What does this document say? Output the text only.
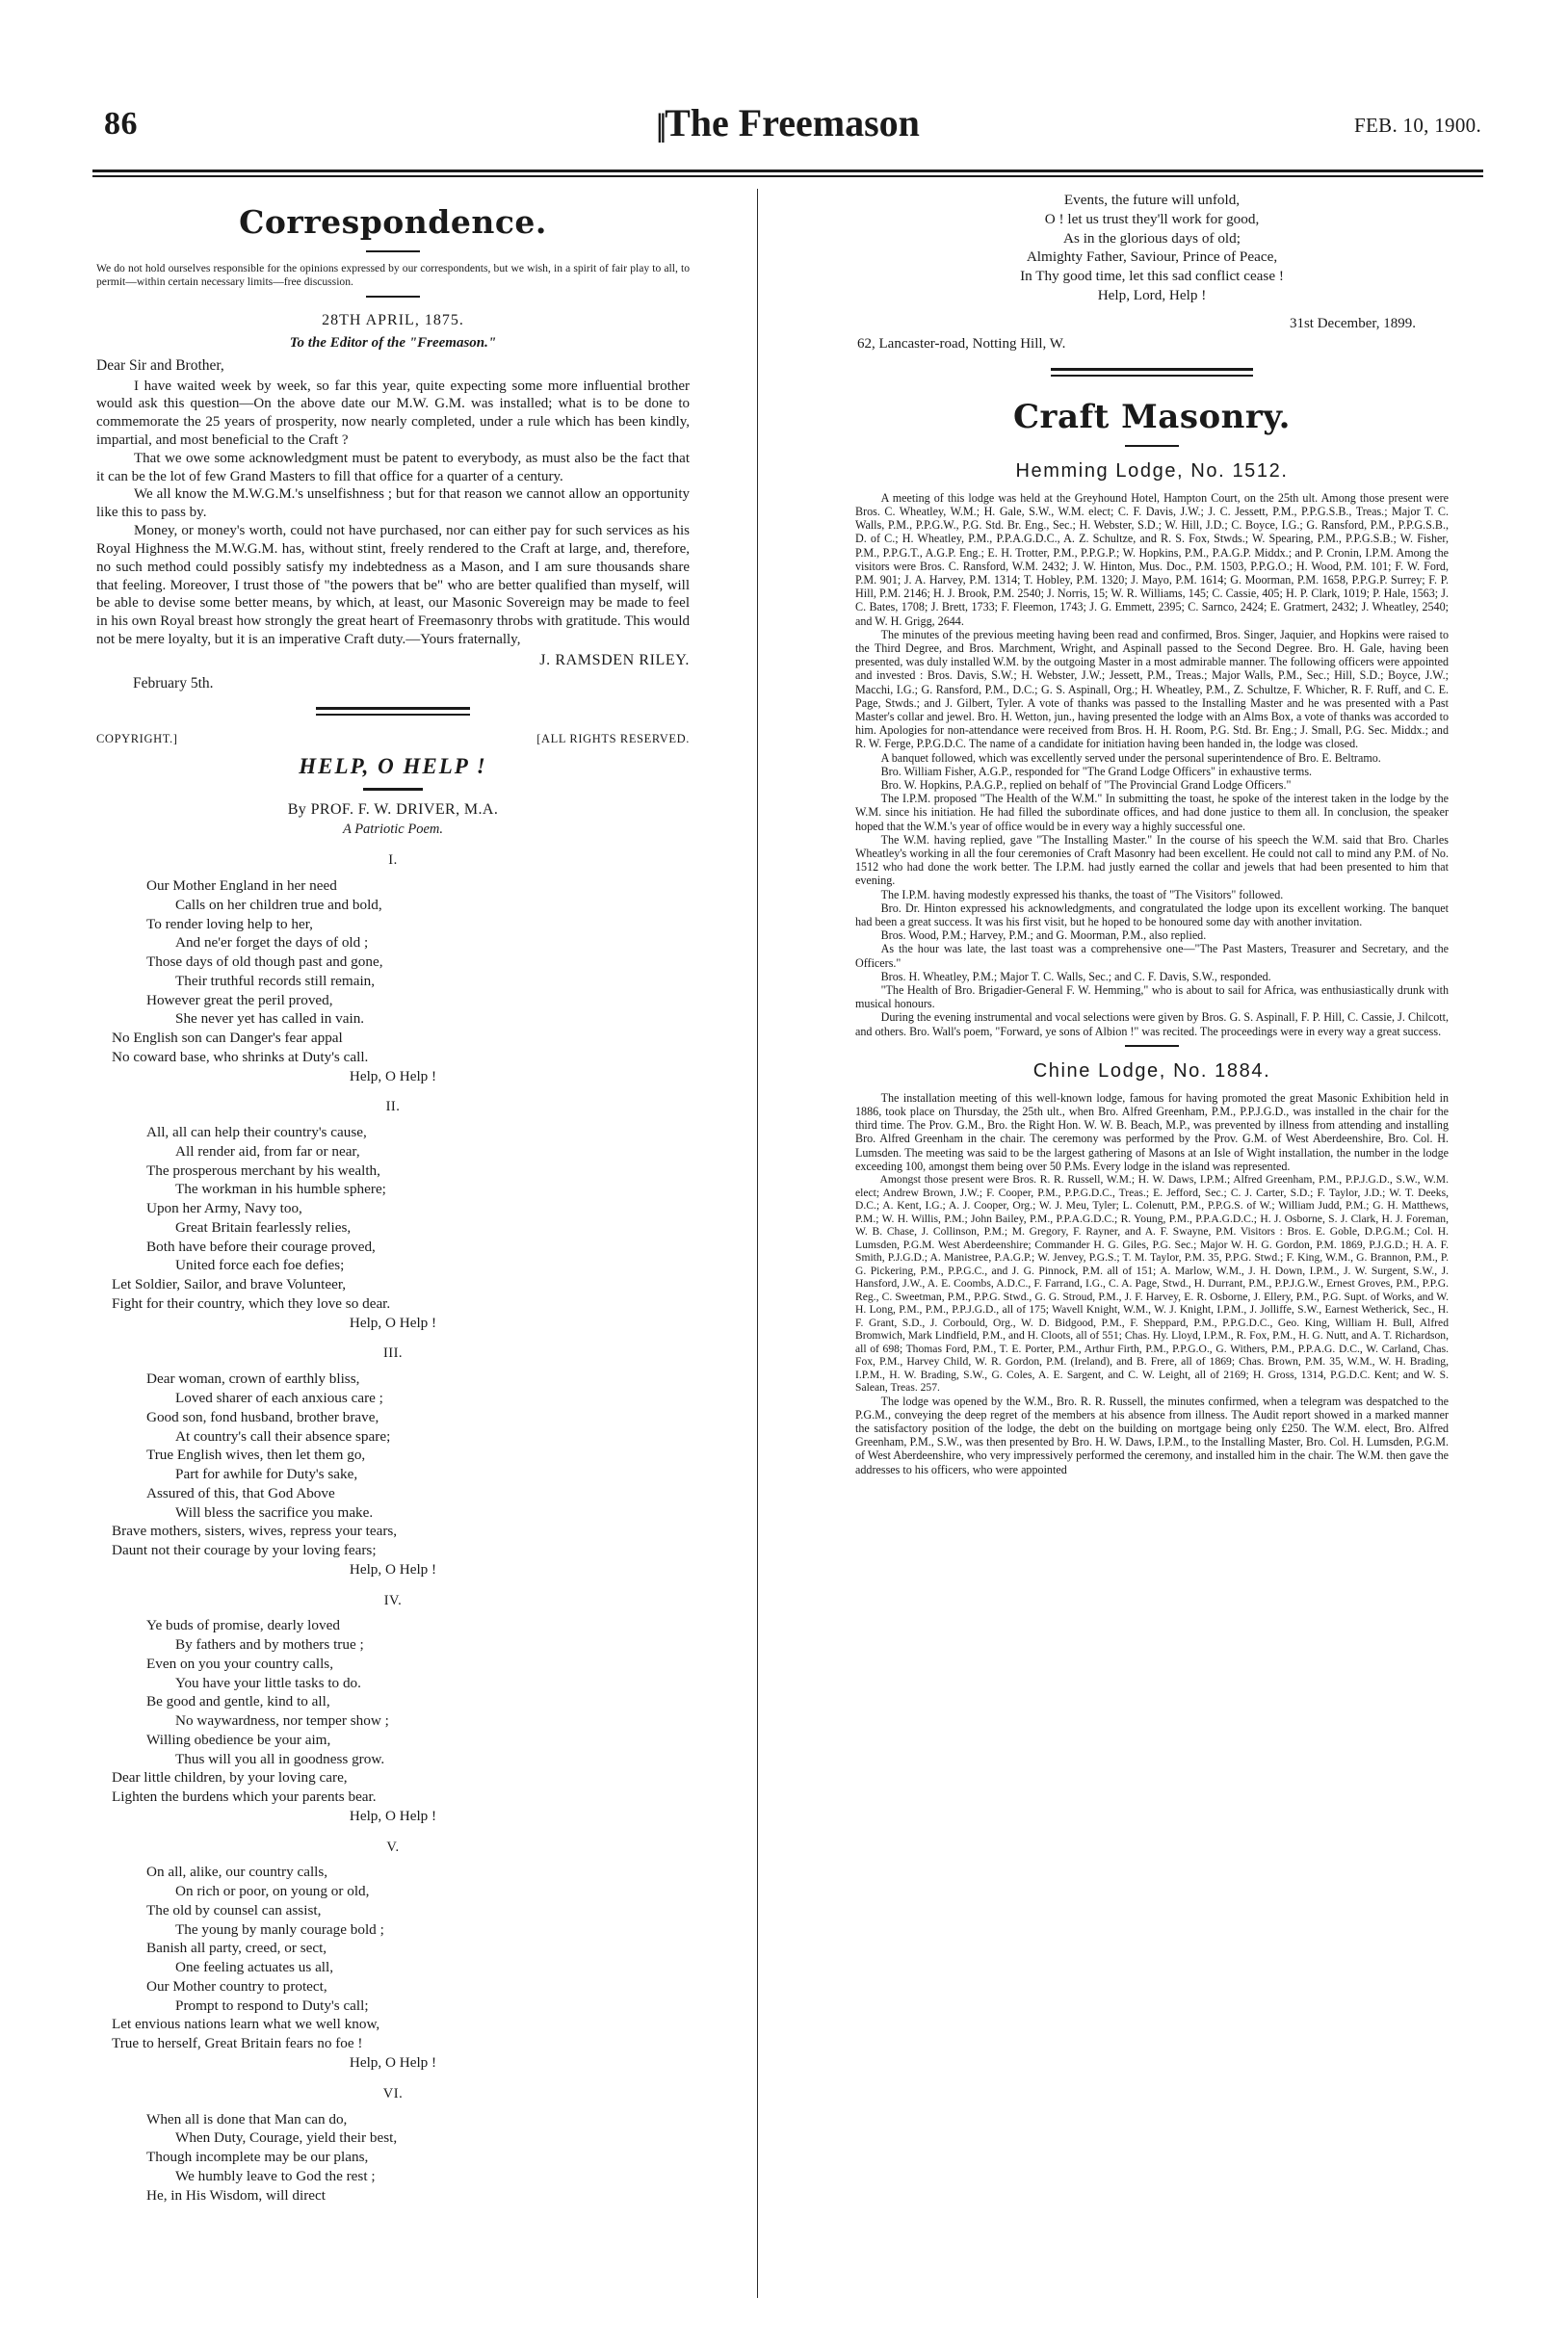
86	||The Freemason	FEB. 10, 1900.
Correspondence.
We do not hold ourselves responsible for the opinions expressed by our correspondents, but we wish, in a spirit of fair play to all, to permit—within certain necessary limits—free discussion.
28TH APRIL, 1875.
To the Editor of the "Freemason."
Dear Sir and Brother,

I have waited week by week, so far this year, quite expecting some more influential brother would ask this question—On the above date our M.W. G.M. was installed; what is to be done to commemorate the 25 years of prosperity, now nearly completed, under a rule which has been kindly, impartial, and most beneficial to the Craft ?

That we owe some acknowledgment must be patent to everybody, as must also be the fact that it can be the lot of few Grand Masters to fill that office for a quarter of a century.

We all know the M.W.G.M.'s unselfishness ; but for that reason we cannot allow an opportunity like this to pass by.

Money, or money's worth, could not have purchased, nor can either pay for such services as his Royal Highness the M.W.G.M. has, without stint, freely rendered to the Craft at large, and, therefore, no such method could possibly satisfy my indebtedness as a Mason, and I am sure thousands share that feeling. Moreover, I trust those of "the powers that be" who are better qualified than myself, will be able to devise some better means, by which, at least, our Masonic Sovereign may be made to feel in his own Royal breast how strongly the great heart of Freemasonry throbs with gratitude. This would not be mere loyalty, but it is an imperative Craft duty.—Yours fraternally,

J. RAMSDEN RILEY.
February 5th.
COPYRIGHT.]	[ALL RIGHTS RESERVED.
HELP, O HELP !
By PROF. F. W. DRIVER, M.A.
A Patriotic Poem.
I.
Our Mother England in her need
Calls on her children true and bold,
To render loving help to her,
And ne'er forget the days of old ;
Those days of old though past and gone,
Their truthful records still remain,
However great the peril proved,
She never yet has called in vain.
No English son can Danger's fear appal
No coward base, who shrinks at Duty's call.
Help, O Help !
II.
All, all can help their country's cause,
All render aid, from far or near,
The prosperous merchant by his wealth,
The workman in his humble sphere;
Upon her Army, Navy too,
Great Britain fearlessly relies,
Both have before their courage proved,
United force each foe defies;
Let Soldier, Sailor, and brave Volunteer,
Fight for their country, which they love so dear.
Help, O Help !
III.
Dear woman, crown of earthly bliss,
Loved sharer of each anxious care ;
Good son, fond husband, brother brave,
At country's call their absence spare;
True English wives, then let them go,
Part for awhile for Duty's sake,
Assured of this, that God Above
Will bless the sacrifice you make.
Brave mothers, sisters, wives, repress your tears,
Daunt not their courage by your loving fears;
Help, O Help !
IV.
Ye buds of promise, dearly loved
By fathers and by mothers true ;
Even on you your country calls,
You have your little tasks to do.
Be good and gentle, kind to all,
No waywardness, nor temper show ;
Willing obedience be your aim,
Thus will you all in goodness grow.
Dear little children, by your loving care,
Lighten the burdens which your parents bear.
Help, O Help !
V.
On all, alike, our country calls,
On rich or poor, on young or old,
The old by counsel can assist,
The young by manly courage bold ;
Banish all party, creed, or sect,
One feeling actuates us all,
Our Mother country to protect,
Prompt to respond to Duty's call;
Let envious nations learn what we well know,
True to herself, Great Britain fears no foe !
Help, O Help !
VI.
When all is done that Man can do,
When Duty, Courage, yield their best,
Though incomplete may be our plans,
We humbly leave to God the rest ;
He, in His Wisdom, will direct
Events, the future will unfold,
O ! let us trust they'll work for good,
As in the glorious days of old;
Almighty Father, Saviour, Prince of Peace,
In Thy good time, let this sad conflict cease !
Help, Lord, Help !
31st December, 1899.
62, Lancaster-road, Notting Hill, W.
Craft Masonry.
Hemming Lodge, No. 1512.

A meeting of this lodge was held at the Greyhound Hotel, Hampton Court, on the 25th ult. Among those present were Bros. C. Wheatley, W.M.; H. Gale, S.W., W.M. elect; C. F. Davis, J.W.; J. C. Jessett, P.M., P.P.G.S.B., Treas.; Major T. C. Walls, P.M., P.P.G.W., P.G. Std. Br. Eng., Sec.; H. Webster, S.D.; W. Hill, J.D.; C. Boyce, I.G.; G. Ransford, P.M., P.P.G.S.B., D. of C.; H. Wheatley, P.M., P.P.A.G.D.C., A. Z. Schultze, and R. S. Fox, Stwds.; W. Spearing, P.M., P.P.G.S.B.; W. Fisher, P.M., P.P.G.T., A.G.P. Eng.; E. H. Trotter, P.M., P.P.G.P.; W. Hopkins, P.M., P.A.G.P. Middx.; and P. Cronin, I.P.M. Among the visitors were Bros. C. Ransford, W.M. 2432; J. W. Hinton, Mus. Doc., P.M. 1503, P.P.G.O.; H. Wood, P.M. 101; F. W. Ford, P.M. 901; J. A. Harvey, P.M. 1314; T. Hobley, P.M. 1320; J. Mayo, P.M. 1614; G. Moorman, P.M. 1658, P.P.G.P. Surrey; F. P. Hill, P.M. 2146; H. J. Brook, P.M. 2540; J. Norris, 15; W. R. Williams, 145; C. Cassie, 405; H. P. Clark, 1019; P. Hale, 1563; J. C. Bates, 1708; J. Brett, 1733; F. Fleemon, 1743; J. G. Emmett, 2395; C. Sarnco, 2424; E. Gratmert, 2432; J. Wheatley, 2540; and W. H. Grigg, 2644.

The minutes of the previous meeting having been read and confirmed, Bros. Singer, Jaquier, and Hopkins were raised to the Third Degree, and Bros. Marchment, Wright, and Aspinall passed to the Second Degree. Bro. H. Gale, having been presented, was duly installed W.M. by the outgoing Master in a most admirable manner. The following officers were appointed and invested : Bros. Davis, S.W.; H. Webster, J.W.; Jessett, P.M., Treas.; Major Walls, P.M., Sec.; Hill, S.D.; Boyce, J.W.; Macchi, I.G.; G. Ransford, P.M., D.C.; G. S. Aspinall, Org.; H. Wheatley, P.M., Z. Schultze, F. Whicher, R. F. Ruff, and C. E. Page, Stwds.; and J. Gilbert, Tyler. A vote of thanks was passed to the Installing Master and he was presented with a Past Master's collar and jewel. Bro. H. Wetton, jun., having presented the lodge with an Alms Box, a vote of thanks was accorded to him. Apologies for non-attendance were received from Bros. H. H. Room, P.G. Std. Br. Eng.; J. Small, P.G. Sec. Middx.; and R. W. Ferge, P.P.G.D.C. The name of a candidate for initiation having been handed in, the lodge was closed.

A banquet followed, which was excellently served under the personal superintendence of Bro. E. Beltramo.

Bro. William Fisher, A.G.P., responded for "The Grand Lodge Officers" in exhaustive terms.

Bro. W. Hopkins, P.A.G.P., replied on behalf of "The Provincial Grand Lodge Officers."

The I.P.M. proposed "The Health of the W.M." In submitting the toast, he spoke of the interest taken in the lodge by the W.M. since his initiation. He had filled the subordinate offices, and had done justice to them all. In conclusion, the speaker hoped that the W.M.'s year of office would be in every way a highly successful one.

The W.M. having replied, gave "The Installing Master." In the course of his speech the W.M. said that Bro. Charles Wheatley's working in all the four ceremonies of Craft Masonry had been excellent. He could not call to mind any P.M. of No. 1512 who had done the work better. The I.P.M. had justly earned the collar and jewels that had been presented to him that evening.

The I.P.M. having modestly expressed his thanks, the toast of "The Visitors" followed.

Bro. Dr. Hinton expressed his acknowledgments, and congratulated the lodge upon its excellent working. The banquet had been a great success. It was his first visit, but he hoped to be honoured some day with another invitation.

Bros. Wood, P.M.; Harvey, P.M.; and G. Moorman, P.M., also replied.

As the hour was late, the last toast was a comprehensive one—"The Past Masters, Treasurer and Secretary, and the Officers."

Bros. H. Wheatley, P.M.; Major T. C. Walls, Sec.; and C. F. Davis, S.W., responded.

"The Health of Bro. Brigadier-General F. W. Hemming," who is about to sail for Africa, was enthusiastically drunk with musical honours.

During the evening instrumental and vocal selections were given by Bros. G. S. Aspinall, F. P. Hill, C. Cassie, J. Chilcott, and others. Bro. Wall's poem, "Forward, ye sons of Albion !" was recited. The proceedings were in every way a great success.

Chine Lodge, No. 1884.

The installation meeting of this well-known lodge, famous for having promoted the great Masonic Exhibition held in 1886, took place on Thursday, the 25th ult., when Bro. Alfred Greenham, P.M., P.P.J.G.D., was installed in the chair for the third time. The Prov. G.M., Bro. the Right Hon. W. W. B. Beach, M.P., was prevented by illness from attending and installing Bro. Alfred Greenham in the chair. The ceremony was performed by the Prov. G.M. of West Aberdeenshire, Bro. Col. H. Lumsden. The meeting was said to be the largest gathering of Masons at an Isle of Wight installation, the number in the lodge exceeding 100, amongst them being over 50 P.Ms. Every lodge in the island was represented.

Amongst those present were Bros. R. R. Russell, W.M.; H. W. Daws, I.P.M.; Alfred Greenham, P.M., P.P.J.G.D., S.W., W.M. elect; Andrew Brown, J.W.; F. Cooper, P.M., P.P.G.D.C., Treas.; E. Jefford, Sec.; C. J. Carter, S.D.; F. Taylor, J.D.; W. T. Deeks, D.C.; A. Kent, I.G.; A. J. Cooper, Org.; W. J. Meu, Tyler; L. Colenutt, P.M., P.P.G.S. of W.; William Judd, P.M.; G. H. Matthews, P.M.; W. H. Willis, P.M.; John Bailey, P.M., P.P.A.G.D.C.; R. Young, P.M., P.P.A.G.D.C.; H. J. Osborne, S. J. Clark, H. J. Foreman, W. B. Chase, J. Collinson, P.M.; M. Gregory, F. Rayner, and A. F. Swayne, P.M. Visitors : Bros. E. Goble, D.P.G.M.; Col. H. Lumsden, P.G.M. West Aberdeenshire; Commander H. G. Giles, P.G. Sec.; Major W. H. G. Gordon, P.M. 1869, P.J.G.D.; H. A. F. Smith, P.J.G.D.; A. Manistree, P.A.G.P.; W. Jenvey, P.G.S.; T. M. Taylor, P.M. 35, P.P.G. Stwd.; F. King, W.M., G. Brannon, P.M., P. G. Pickering, P.M., P.P.G.C., and J. G. Pinnock, P.M. all of 151; A. Marlow, W.M., J. H. Down, I.P.M., J. W. Surgent, S.W., J. Hansford, J.W., A. E. Coombs, A.D.C., F. Farrand, I.G., C. A. Page, Stwd., H. Durrant, P.M., P.P.J.G.W., Ernest Groves, P.M., P.P.G. Reg., C. Sweetman, P.M., P.P.G. Stwd., G. G. Stroud, P.M., J. F. Harvey, E. R. Osborne, J. Ellery, P.M., P.G. Supt. of Works, and W. H. Long, P.M., P.M., P.P.J.G.D., all of 175; Wavell Knight, W.M., W. J. Knight, I.P.M., J. Jolliffe, S.W., Earnest Wetherick, Sec., H. F. Grant, S.D., J. Corbould, Org., W. D. Bidgood, P.M., F. Sheppard, P.M., P.P.G.D.C., Geo. King, William H. Bull, Alfred Bromwich, Mark Lindfield, P.M., and H. Cloots, all of 551; Chas. Hy. Lloyd, I.P.M., R. Fox, P.M., H. G. Nutt, and A. T. Richardson, all of 698; Thomas Ford, P.M., T. E. Porter, P.M., Arthur Firth, P.M., P.P.G.O., G. Withers, P.M., P.P.A.G. D.C., W. Carland, Chas. Fox, P.M., Harvey Child, W. R. Gordon, P.M. (Ireland), and B. Frere, all of 1869; Chas. Brown, P.M. 35, W.M., W. H. Brading, I.P.M., H. W. Brading, S.W., G. Coles, A. E. Sargent, and C. W. Leight, all of 2169; H. Gross, 1314, P.G.D.C. Kent; and W. S. Salean, Treas. 257.

The lodge was opened by the W.M., Bro. R. R. Russell, the minutes confirmed, when a telegram was despatched to the P.G.M., conveying the deep regret of the members at his absence from illness. The Audit report showed in a marked manner the satisfactory position of the lodge, the debt on the building on mortgage being only £250. The W.M. elect, Bro. Alfred Greenham, P.M., S.W., was then presented by Bro. H. W. Daws, I.P.M., to the Installing Master, Bro. Col. H. Lumsden, P.G.M. of West Aberdeenshire, who very impressively performed the ceremony, and installed him in the chair. The W.M. then gave the addresses to his officers, who were appointed
